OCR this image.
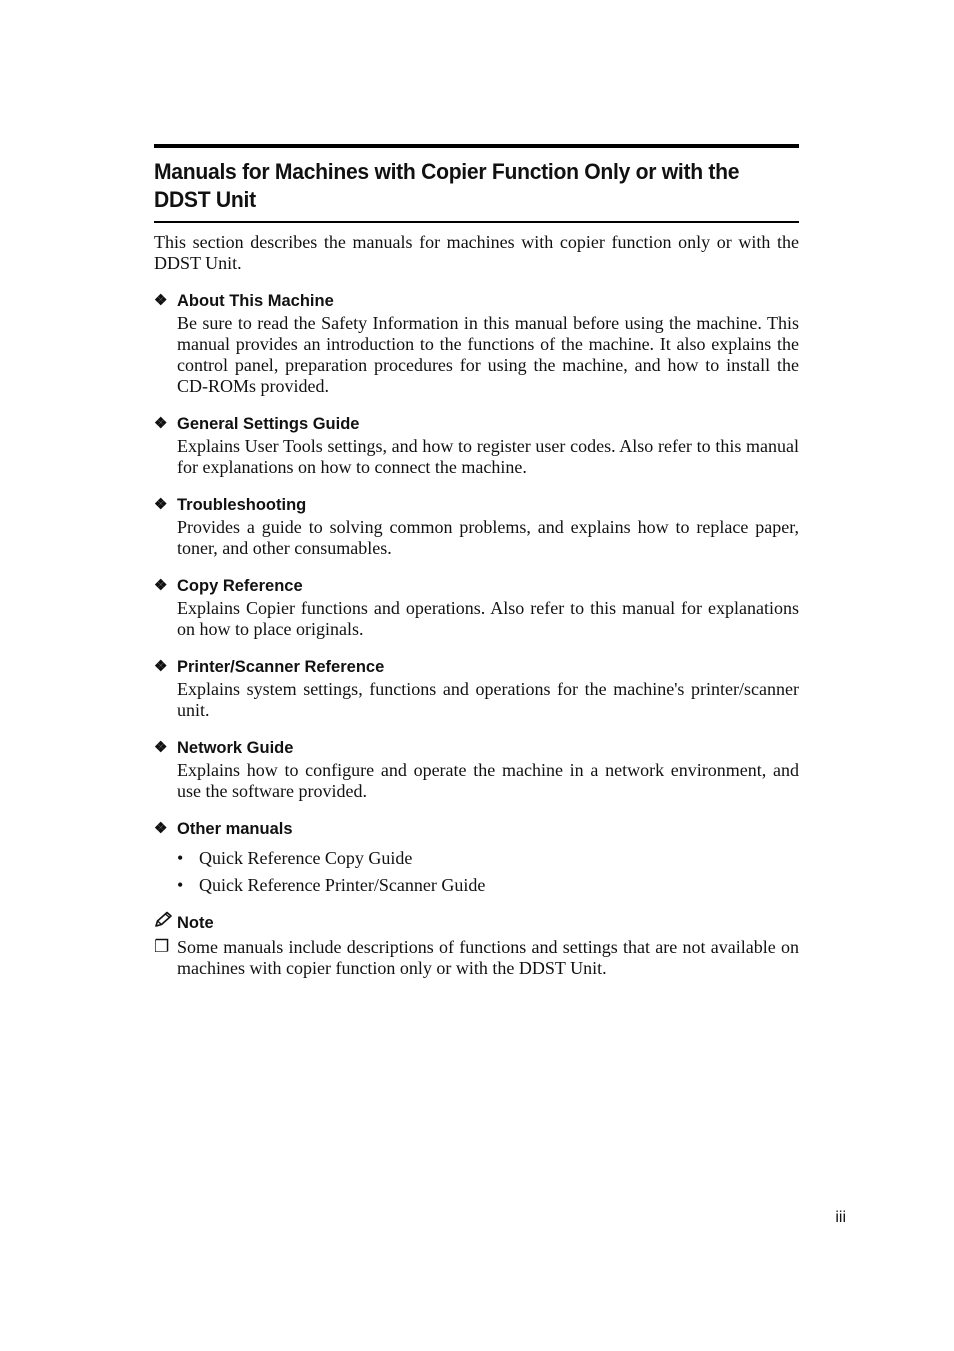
Manuals for Machines with Copier Function Only or with the
DDST Unit

This section describes the manuals for machines with copier function only or with the DDST Unit.

❖ About This Machine

Be sure to read the Safety Information in this manual before using the machine. This manual provides an introduction to the functions of the machine. It also explains the control panel, preparation procedures for using the machine, and how to install the CD-ROMs provided.

❖ General Settings Guide

Explains User Tools settings, and how to register user codes. Also refer to this manual for explanations on how to connect the machine.

❖ Troubleshooting

Provides a guide to solving common problems, and explains how to replace paper, toner, and other consumables.

❖ Copy Reference

Explains Copier functions and operations. Also refer to this manual for explanations on how to place originals.

❖ Printer/Scanner Reference

Explains system settings, functions and operations for the machine's printer/scanner unit.

❖ Network Guide

Explains how to configure and operate the machine in a network environment, and use the software provided.

❖ Other manuals
• Quick Reference Copy Guide
• Quick Reference Printer/Scanner Guide
Note
❐ Some manuals include descriptions of functions and settings that are not available on machines with copier function only or with the DDST Unit.
iii
